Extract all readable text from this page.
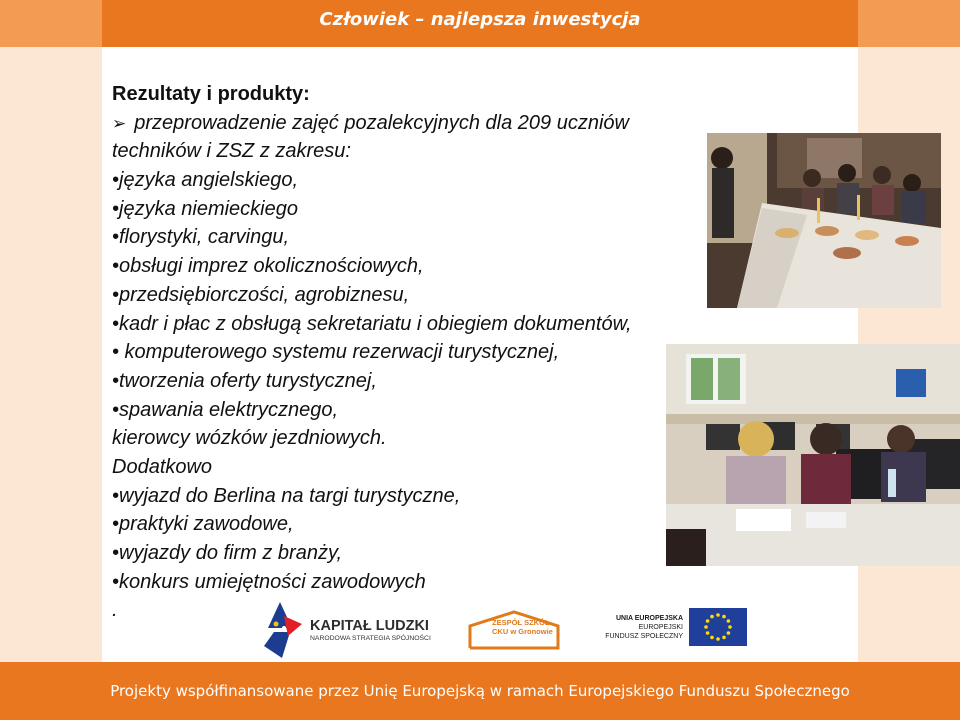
Człowiek – najlepsza inwestycja
Rezultaty i produkty:
➢ przeprowadzenie zajęć pozalekcyjnych dla 209 uczniów
techników i ZSZ z zakresu:
•języka angielskiego,
•języka niemieckiego
•florystyki, carvingu,
•obsługi imprez okolicznościowych,
•przedsiębiorczości, agrobiznesu,
•kadr i płac z obsługą sekretariatu i obiegiem dokumentów,
• komputerowego systemu rezerwacji turystycznej,
•tworzenia oferty turystycznej,
•spawania elektrycznego,
kierowcy wózków jezdniowych.
Dodatkowo
•wyjazd do Berlina na targi turystyczne,
•praktyki zawodowe,
•wyjazdy do firm z branży,
•konkurs umiejętności zawodowych
.
KAPITAŁ LUDZKI
NARODOWA STRATEGIA SPÓJNOŚCI
ZESPÓŁ SZKÓŁ
CKU w Gronowie
UNIA EUROPEJSKA
EUROPEJSKI
FUNDUSZ SPOŁECZNY
Projekty współfinansowane przez Unię Europejską w ramach Europejskiego Funduszu Społecznego
